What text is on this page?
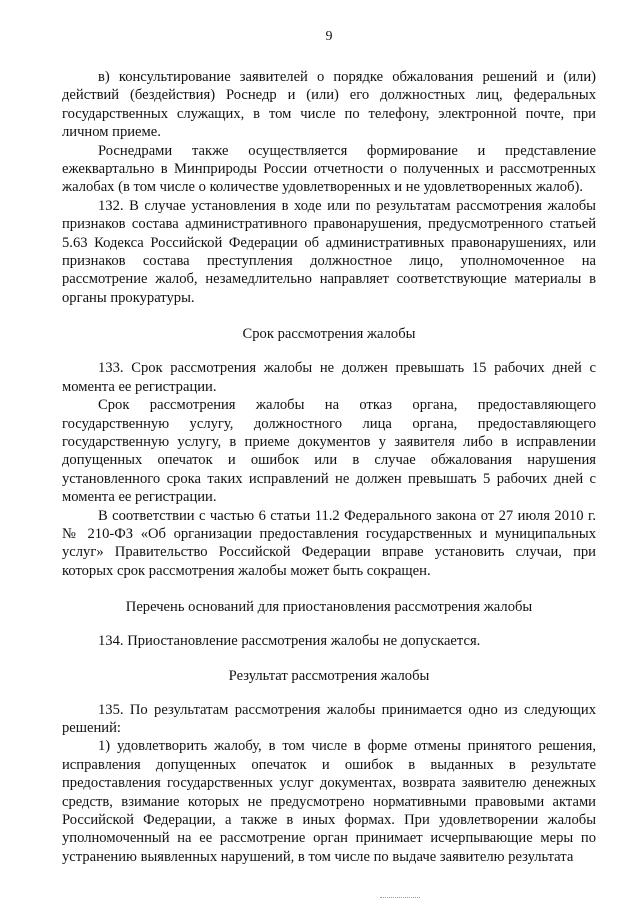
9

в) консультирование заявителей о порядке обжалования решений и (или) действий (бездействия) Роснедр и (или) его должностных лиц, федеральных государственных служащих, в том числе по телефону, электронной почте, при личном приеме.

Роснедрами также осуществляется формирование и представление ежеквартально в Минприроды России отчетности о полученных и рассмотренных жалобах (в том числе о количестве удовлетворенных и не удовлетворенных жалоб).

132. В случае установления в ходе или по результатам рассмотрения жалобы признаков состава административного правонарушения, предусмотренного статьей 5.63 Кодекса Российской Федерации об административных правонарушениях, или признаков состава преступления должностное лицо, уполномоченное на рассмотрение жалоб, незамедлительно направляет соответствующие материалы в органы прокуратуры.

Срок рассмотрения жалобы

133. Срок рассмотрения жалобы не должен превышать 15 рабочих дней с момента ее регистрации.

Срок рассмотрения жалобы на отказ органа, предоставляющего государственную услугу, должностного лица органа, предоставляющего государственную услугу, в приеме документов у заявителя либо в исправлении допущенных опечаток и ошибок или в случае обжалования нарушения установленного срока таких исправлений не должен превышать 5 рабочих дней с момента ее регистрации.

В соответствии с частью 6 статьи 11.2 Федерального закона от 27 июля 2010 г. № 210-ФЗ «Об организации предоставления государственных и муниципальных услуг» Правительство Российской Федерации вправе установить случаи, при которых срок рассмотрения жалобы может быть сокращен.

Перечень оснований для приостановления рассмотрения жалобы

134. Приостановление рассмотрения жалобы не допускается.

Результат рассмотрения жалобы

135. По результатам рассмотрения жалобы принимается одно из следующих решений:

1) удовлетворить жалобу, в том числе в форме отмены принятого решения, исправления допущенных опечаток и ошибок в выданных в результате предоставления государственных услуг документах, возврата заявителю денежных средств, взимание которых не предусмотрено нормативными правовыми актами Российской Федерации, а также в иных формах. При удовлетворении жалобы уполномоченный на ее рассмотрение орган принимает исчерпывающие меры по устранению выявленных нарушений, в том числе по выдаче заявителю результата
